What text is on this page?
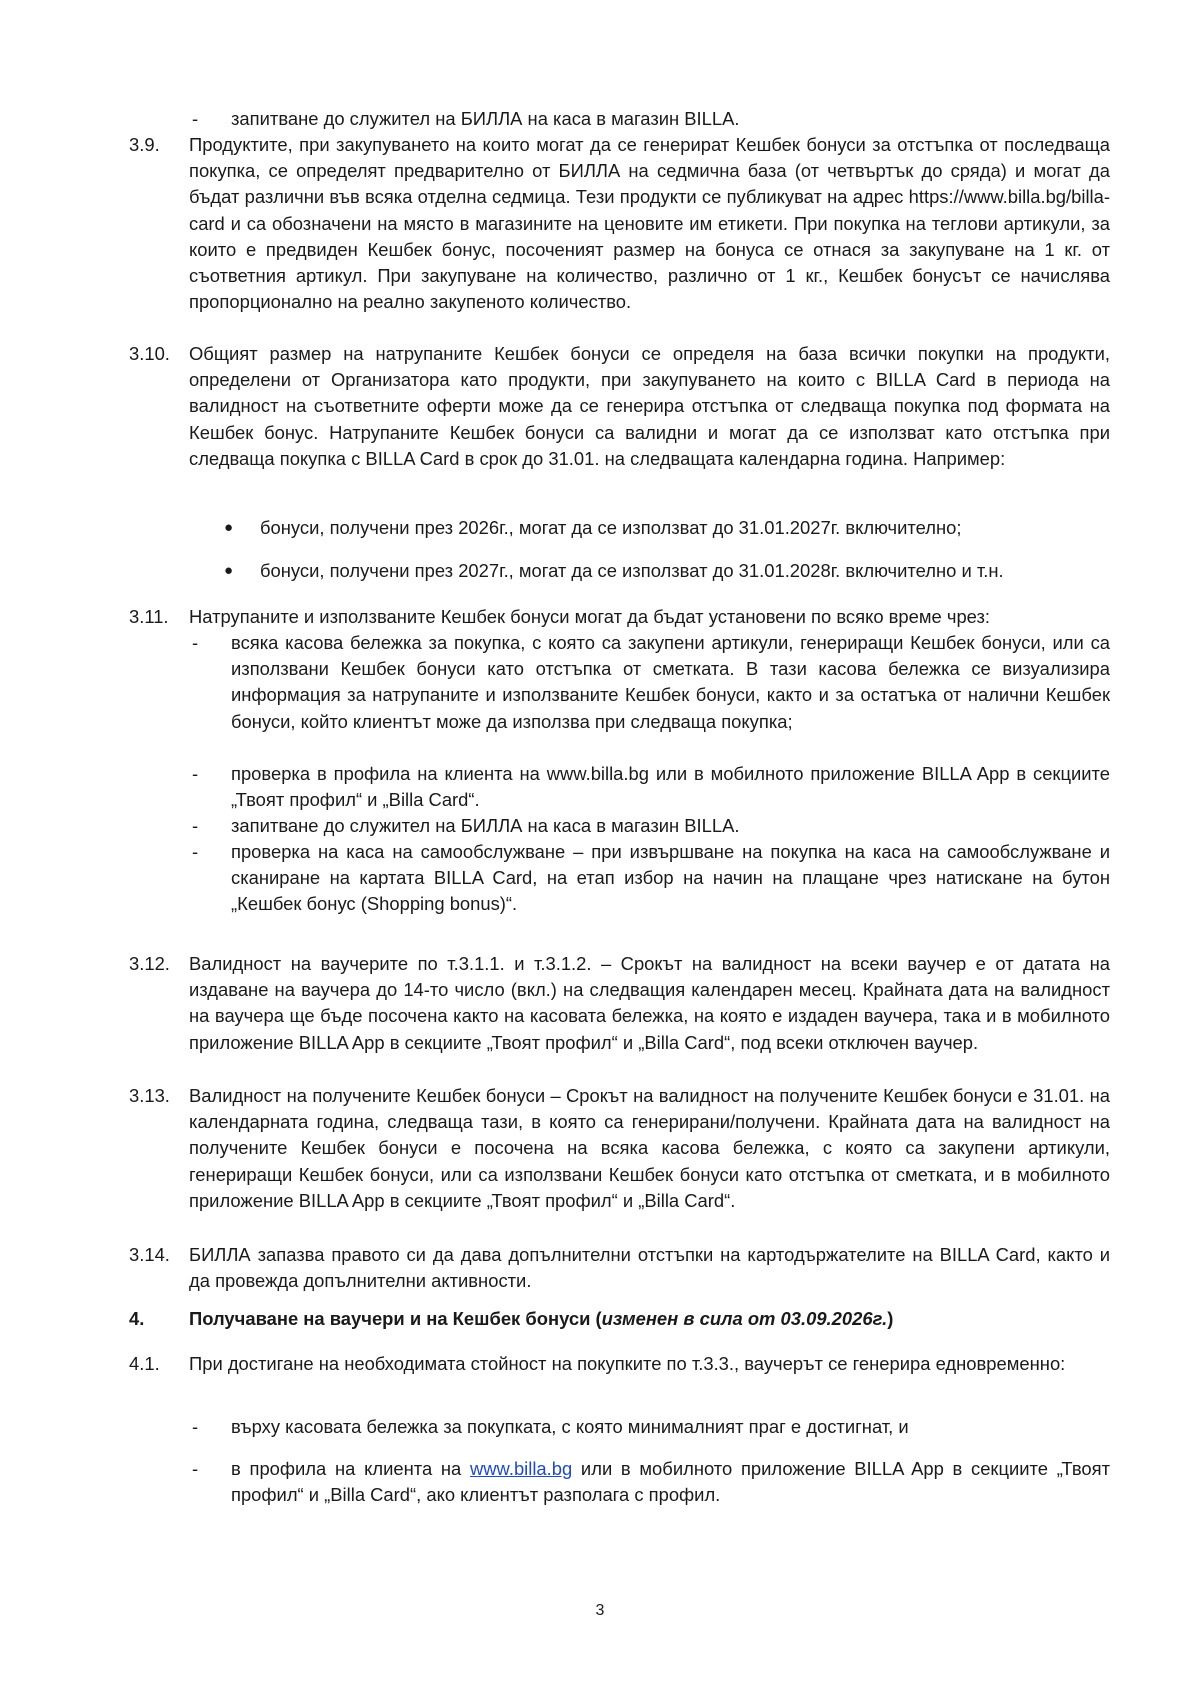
- запитване до служител на БИЛЛА на каса в магазин BILLA.
3.9. Продуктите, при закупуването на които могат да се генерират Кешбек бонуси за отстъпка от последваща покупка, се определят предварително от БИЛЛА на седмична база (от четвъртък до сряда) и могат да бъдат различни във всяка отделна седмица. Тези продукти се публикуват на адрес https://www.billa.bg/billa-card и са обозначени на място в магазините на ценовите им етикети. При покупка на теглови артикули, за които е предвиден Кешбек бонус, посоченият размер на бонуса се отнася за закупуване на 1 кг. от съответния артикул. При закупуване на количество, различно от 1 кг., Кешбек бонусът се начислява пропорционално на реално закупеното количество.
3.10. Общият размер на натрупаните Кешбек бонуси се определя на база всички покупки на продукти, определени от Организатора като продукти, при закупуването на които с BILLA Card в периода на валидност на съответните оферти може да се генерира отстъпка от следваща покупка под формата на Кешбек бонус. Натрупаните Кешбек бонуси са валидни и могат да се използват като отстъпка при следваща покупка с BILLA Card в срок до 31.01. на следващата календарна година. Например:
● бонуси, получени през 2026г., могат да се използват до 31.01.2027г. включително;
● бонуси, получени през 2027г., могат да се използват до 31.01.2028г. включително и т.н.
3.11. Натрупаните и използваните Кешбек бонуси могат да бъдат установени по всяко време чрез:
- всяка касова бележка за покупка, с която са закупени артикули, генериращи Кешбек бонуси, или са използвани Кешбек бонуси като отстъпка от сметката. В тази касова бележка се визуализира информация за натрупаните и използваните Кешбек бонуси, както и за остатъка от налични Кешбек бонуси, който клиентът може да използва при следваща покупка;
- проверка в профила на клиента на www.billa.bg или в мобилното приложение BILLA App в секциите „Твоят профил“ и „Billa Card“.
- запитване до служител на БИЛЛА на каса в магазин BILLA.
- проверка на каса на самообслужване – при извършване на покупка на каса на самообслужване и сканиране на картата BILLA Card, на етап избор на начин на плащане чрез натискане на бутон „Кешбек бонус (Shopping bonus)“.
3.12. Валидност на ваучерите по т.3.1.1. и т.3.1.2. – Срокът на валидност на всеки ваучер е от датата на издаване на ваучера до 14-то число (вкл.) на следващия календарен месец. Крайната дата на валидност на ваучера ще бъде посочена както на касовата бележка, на която е издаден ваучера, така и в мобилното приложение BILLA App в секциите „Твоят профил“ и „Billa Card“, под всеки отключен ваучер.
3.13. Валидност на получените Кешбек бонуси – Срокът на валидност на получените Кешбек бонуси е 31.01. на календарната година, следваща тази, в която са генерирани/получени. Крайната дата на валидност на получените Кешбек бонуси е посочена на всяка касова бележка, с която са закупени артикули, генериращи Кешбек бонуси, или са използвани Кешбек бонуси като отстъпка от сметката, и в мобилното приложение BILLA App в секциите „Твоят профил“ и „Billa Card“.
3.14. БИЛЛА запазва правото си да дава допълнителни отстъпки на картодържателите на BILLA Card, както и да провежда допълнителни активности.
4. Получаване на ваучери и на Кешбек бонуси (изменен в сила от 03.09.2026г.)
4.1. При достигане на необходимата стойност на покупките по т.3.3., ваучерът се генерира едновременно:
- върху касовата бележка за покупката, с която минималният праг е достигнат, и
- в профила на клиента на www.billa.bg или в мобилното приложение BILLA App в секциите „Твоят профил“ и „Billa Card“, ако клиентът разполага с профил.
3
